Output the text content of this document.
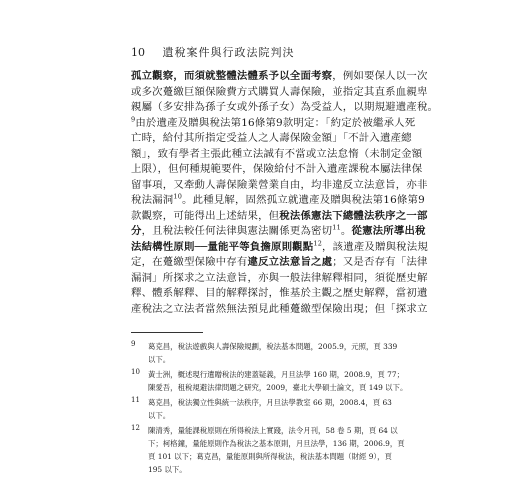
10 遺稅案件與行政法院判決
孤立觀察，而須就整體法體系予以全面考察，例如要保人以一次
或多次躉繳巨額保險費方式購買人壽保險，並指定其直系血親卑
親屬（多安排為孫子女或外孫子女）為受益人，以期規避遺產稅。
$^9$由於遺產及贈與稅法第16條第9款明定：「約定於被繼承人死
亡時，給付其所指定受益人之人壽保險金額」「不計入遺產總
額」，致有學者主張此種立法誠有不當或立法怠惰（未制定金額
上限），但何種規範要件，保險給付不計入遺產課稅本屬法律保
留事項，又牽動人壽保險業營業自由，均非違反立法意旨，亦非
稅法漏洞$^{10}$。此種見解，固然孤立就遺產及贈與稅法第16條第9
款觀察，可能得出上述結果，但稅法係憲法下總體法秩序之一部
分，且稅法較任何法律與憲法關係更為密切$^{11}$。從憲法所導出稅
法結構性原則──量能平等負擔原則觀點$^{12}$，該遺產及贈與稅法規
定，在躉繳型保險中存有違反立法意旨之處；又是否存有「法律
漏洞」所探求之立法意旨，亦與一般法律解釋相同，須從歷史解
釋、體系解釋、目的解釋探討，惟基於主觀之歷史解釋，當初遺
產稅法之立法者當然無法預見此種躉繳型保險出現；但「探求立
9 葛克昌，稅法遊戲與人壽保險規劃，稅法基本問題，2005.9，元照，頁 339
以下。
10 黃士洲，概述現行遺贈稅法的建蓋疑義，月旦法學 160 期，2008.9，頁 77；
陳愛吾，租稅規避法律問題之研究，2009，臺北大學碩士論文，頁 149 以下。
11 葛克昌，稅法獨立性與統一法秩序，月旦法學教室 66 期，2008.4，頁 63
以下。
12 陳清秀，量能課稅原則在所得稅法上實踐，法令月刊，58 卷 5 期，頁 64 以
下；柯格鐘，量能原則作為稅法之基本原則，月旦法學，136 期，2006.9，頁
頁 101 以下；葛克昌，量能原則與所得稅法，稅法基本問題（財經 9），頁
195 以下。
